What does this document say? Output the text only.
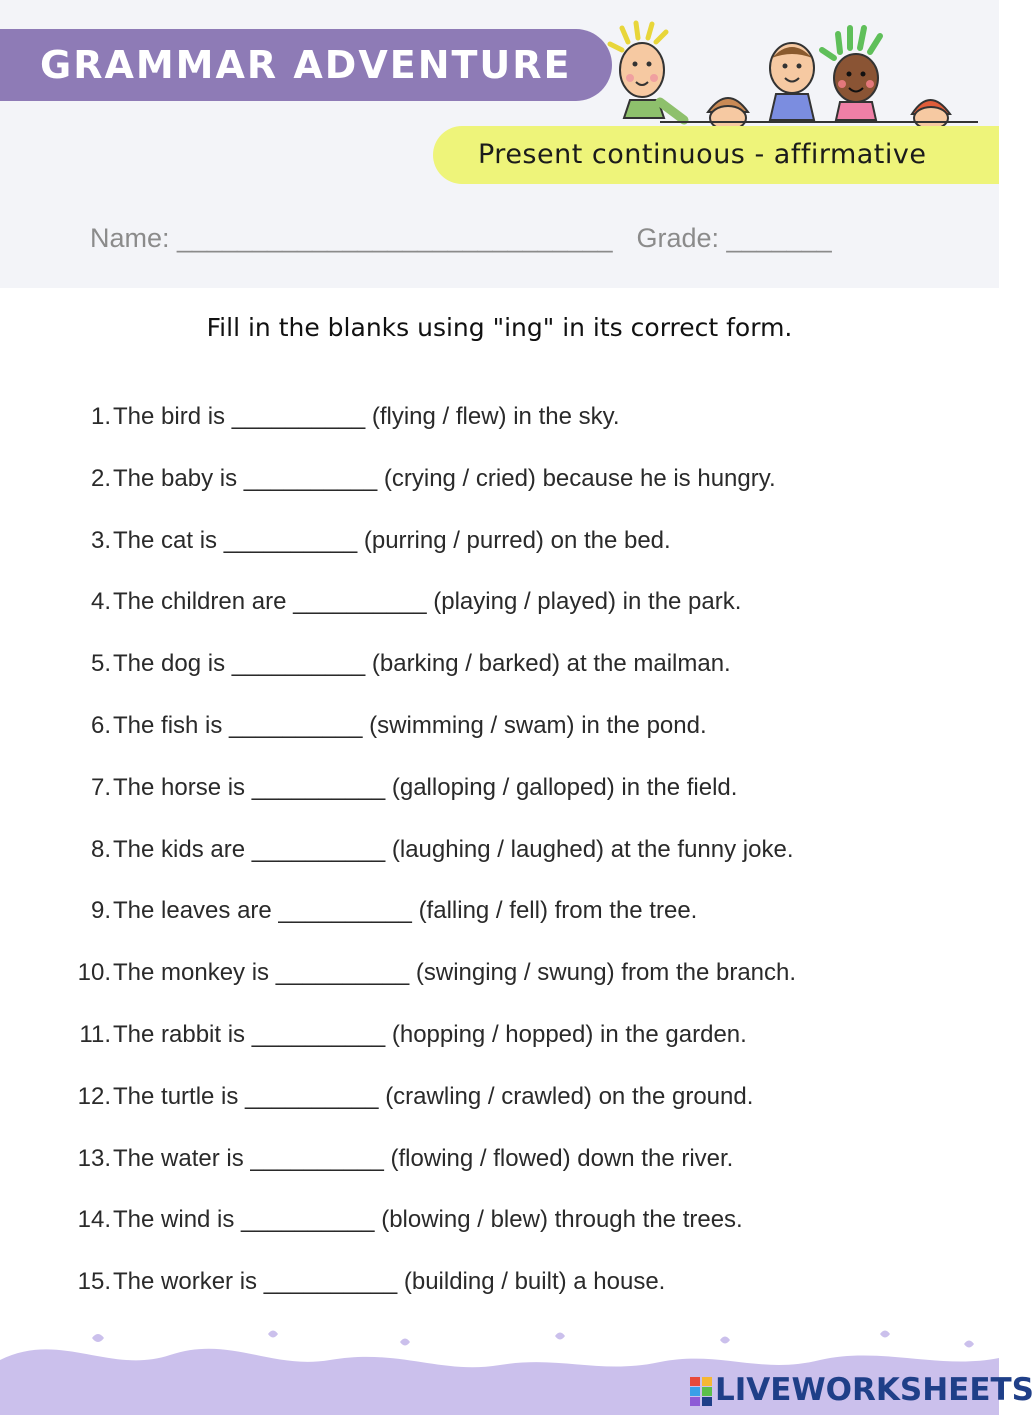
GRAMMAR ADVENTURE
Present continuous - affirmative
Name: _____________________________ Grade: _______
Fill in the blanks using "ing" in its correct form.
1. The bird is __________ (flying / flew) in the sky.
2. The baby is __________ (crying / cried) because he is hungry.
3. The cat is __________ (purring / purred) on the bed.
4. The children are __________ (playing / played) in the park.
5. The dog is __________ (barking / barked) at the mailman.
6. The fish is __________ (swimming / swam) in the pond.
7. The horse is __________ (galloping / galloped) in the field.
8. The kids are __________ (laughing / laughed) at the funny joke.
9. The leaves are __________ (falling / fell) from the tree.
10. The monkey is __________ (swinging / swung) from the branch.
11. The rabbit is __________ (hopping / hopped) in the garden.
12. The turtle is __________ (crawling / crawled) on the ground.
13. The water is __________ (flowing / flowed) down the river.
14. The wind is __________ (blowing / blew) through the trees.
15. The worker is __________ (building / built) a house.
LIVEWORKSHEETS
